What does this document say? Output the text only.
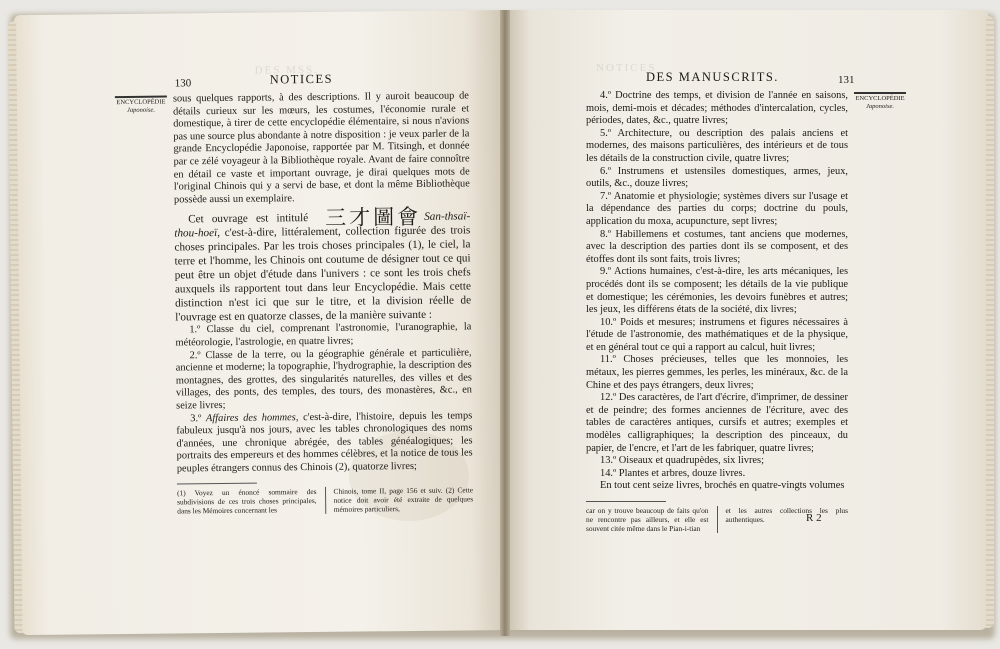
DES MSS.
130	NOTICES
ENCYCLOPÉDIE
Japonoise.

sous quelques rapports, à des descriptions. Il y auroit beaucoup de détails curieux sur les mœurs, les costumes, l'économie rurale et domestique, à tirer de cette encyclopédie élémentaire, si nous n'avions pas une source plus abondante à notre disposition : je veux parler de la grande Encyclopédie Japonoise, rapportée par M. Titsingh, et donnée par ce zélé voyageur à la Bibliothèque royale. Avant de faire connoître en détail ce vaste et important ouvrage, je dirai quelques mots de l'original Chinois qui y a servi de base, et dont la même Bibliothèque possède aussi un exemplaire.

Cet ouvrage est intitulé 三才圖會 San-thsaï-thou-hoeï, c'est-à-dire, littéralement, collection figurée des trois choses principales. Par les trois choses principales (1), le ciel, la terre et l'homme, les Chinois ont coutume de désigner tout ce qui peut être un objet d'étude dans l'univers : ce sont les trois chefs auxquels ils rapportent tout dans leur Encyclopédie. Mais cette distinction n'est ici que sur le titre, et la division réelle de l'ouvrage est en quatorze classes, de la manière suivante :

1.º Classe du ciel, comprenant l'astronomie, l'uranographie, la météorologie, l'astrologie, en quatre livres;

2.º Classe de la terre, ou la géographie générale et particulière, ancienne et moderne; la topographie, l'hydrographie, la description des montagnes, des grottes, des singularités naturelles, des villes et des villages, des ponts, des temples, des tours, des monastères, &c., en seize livres;

3.º Affaires des hommes, c'est-à-dire, l'histoire, depuis les temps fabuleux jusqu'à nos jours, avec les tables chronologiques des noms d'années, une chronique abrégée, des tables généalogiques; les portraits des empereurs et des hommes célèbres, et la notice de tous les peuples étrangers connus des Chinois (2), quatorze livres;

(1) Voyez un énoncé sommaire des subdivisions de ces trois choses principales, dans les Mémoires concernant les
Chinois, tome II, page 156 et suiv. (2) Cette notice doit avoir été extraite de quelques mémoires particuliers,
NOTICES
DES MANUSCRITS.	131
ENCYCLOPÉDIE
Japonoise.

4.º Doctrine des temps, et division de l'année en saisons, mois, demi-mois et décades; méthodes d'intercalation, cycles, périodes, dates, &c., quatre livres;

5.º Architecture, ou description des palais anciens et modernes, des maisons particulières, des intérieurs et de tous les détails de la construction civile, quatre livres;

6.º Instrumens et ustensiles domestiques, armes, jeux, outils, &c., douze livres;

7.º Anatomie et physiologie; systèmes divers sur l'usage et la dépendance des parties du corps; doctrine du pouls, application du moxa, acupuncture, sept livres;

8.º Habillemens et costumes, tant anciens que modernes, avec la description des parties dont ils se composent, et des étoffes dont ils sont faits, trois livres;

9.º Actions humaines, c'est-à-dire, les arts mécaniques, les procédés dont ils se composent; les détails de la vie publique et domestique; les cérémonies, les devoirs funèbres et autres; les jeux, les différens états de la société, dix livres;

10.º Poids et mesures; instrumens et figures nécessaires à l'étude de l'astronomie, des mathématiques et de la physique, et en général tout ce qui a rapport au calcul, huit livres;

11.º Choses précieuses, telles que les monnoies, les métaux, les pierres gemmes, les perles, les minéraux, &c. de la Chine et des pays étrangers, deux livres;

12.º Des caractères, de l'art d'écrire, d'imprimer, de dessiner et de peindre; des formes anciennes de l'écriture, avec des tables de caractères antiques, cursifs et autres; exemples et modèles calligraphiques; la description des pinceaux, du papier, de l'encre, et l'art de les fabriquer, quatre livres;

13.º Oiseaux et quadrupèdes, six livres;

14.º Plantes et arbres, douze livres.

En tout cent seize livres, brochés en quatre-vingts volumes

car on y trouve beaucoup de faits qu'on ne rencontre pas ailleurs, et elle est souvent citée même dans le Pian-i-tian
et les autres collections les plus authentiques.	R 2
